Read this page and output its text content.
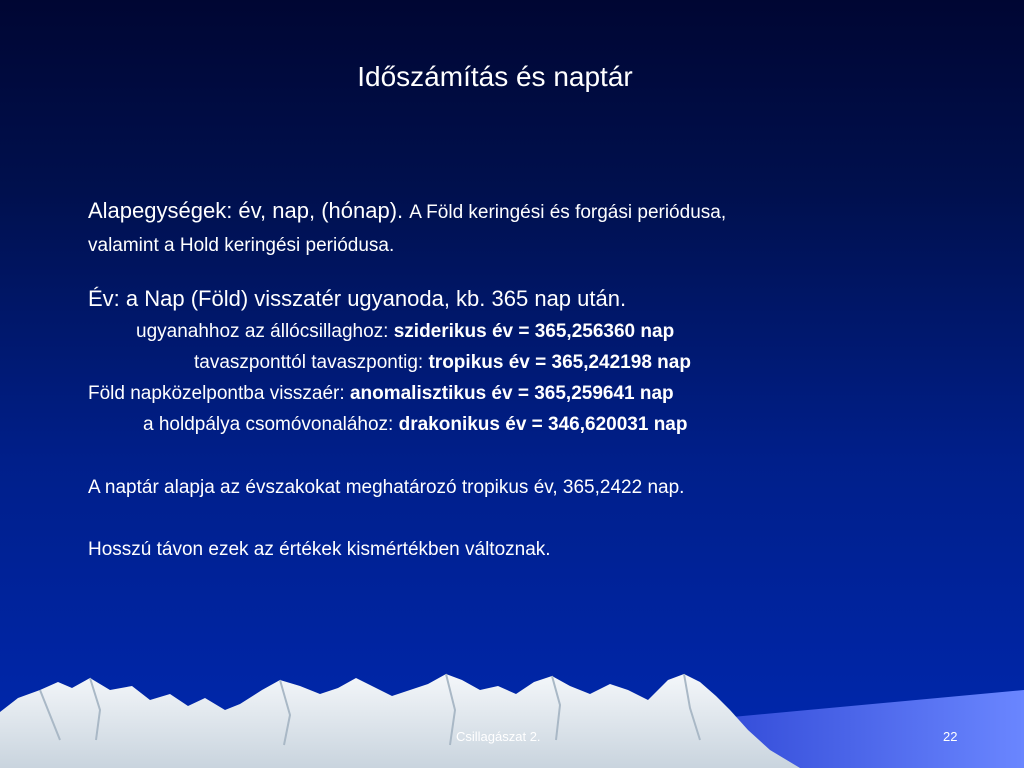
Időszámítás és naptár

Alapegységek: év, nap, (hónap). A Föld keringési és forgási periódusa,

valamint a Hold keringési periódusa.

Év: a Nap (Föld) visszatér ugyanoda, kb. 365 nap után.

ugyanahhoz az állócsillaghoz: sziderikus év = 365,256360 nap

tavaszponttól tavaszpontig: tropikus év = 365,242198 nap

Föld napközelpontba visszaér: anomalisztikus év = 365,259641 nap

a holdpálya csomóvonalához: drakonikus év = 346,620031 nap

A naptár alapja az évszakokat meghatározó tropikus év, 365,2422 nap.

Hosszú távon ezek az értékek kismértékben változnak.

Csillagászat 2.	22
